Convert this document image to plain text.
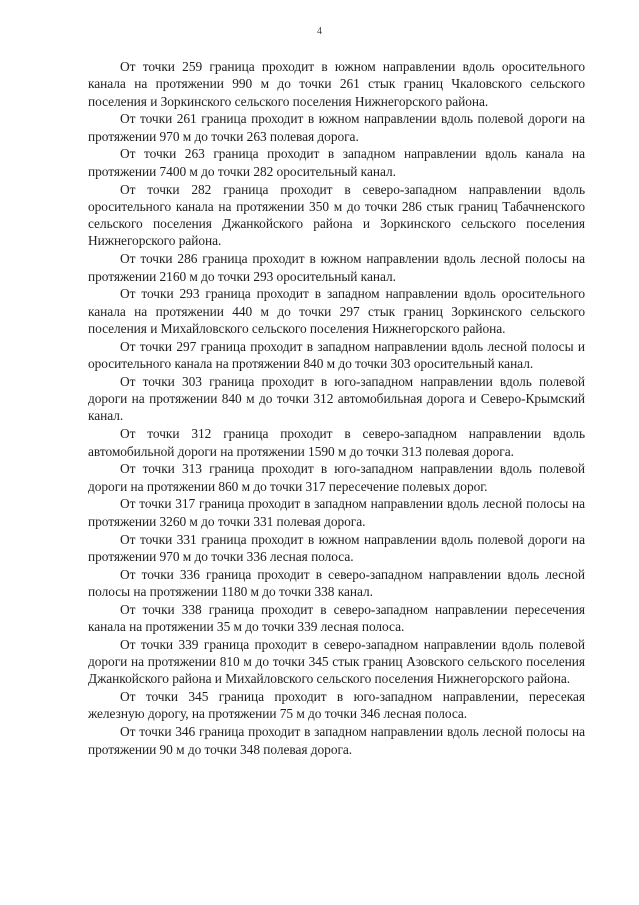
4

От точки 259 граница проходит в южном направлении вдоль оросительного канала на протяжении 990 м до точки 261 стык границ Чкаловского сельского поселения и Зоркинского сельского поселения Нижнегорского района.

От точки 261 граница проходит в южном направлении вдоль полевой дороги на протяжении 970 м до точки 263 полевая дорога.

От точки 263 граница проходит в западном направлении вдоль канала на протяжении 7400 м до точки 282 оросительный канал.

От точки 282 граница проходит в северо-западном направлении вдоль оросительного канала на протяжении 350 м до точки 286 стык границ Табачненского сельского поселения Джанкойского района и Зоркинского сельского поселения Нижнегорского района.

От точки 286 граница проходит в южном направлении вдоль лесной полосы на протяжении 2160 м до точки 293 оросительный канал.

От точки 293 граница проходит в западном направлении вдоль оросительного канала на протяжении 440 м до точки 297 стык границ Зоркинского сельского поселения и Михайловского сельского поселения Нижнегорского района.

От точки 297 граница проходит в западном направлении вдоль лесной полосы и оросительного канала на протяжении 840 м до точки 303 оросительный канал.

От точки 303 граница проходит в юго-западном направлении вдоль полевой дороги на протяжении 840 м до точки 312 автомобильная дорога и Северо-Крымский канал.

От точки 312 граница проходит в северо-западном направлении вдоль автомобильной дороги на протяжении 1590 м до точки 313 полевая дорога.

От точки 313 граница проходит в юго-западном направлении вдоль полевой дороги на протяжении 860 м до точки 317 пересечение полевых дорог.

От точки 317 граница проходит в западном направлении вдоль лесной полосы на протяжении 3260 м до точки 331 полевая дорога.

От точки 331 граница проходит в южном направлении вдоль полевой дороги на протяжении 970 м до точки 336 лесная полоса.

От точки 336 граница проходит в северо-западном направлении вдоль лесной полосы на протяжении 1180 м до точки 338 канал.

От точки 338 граница проходит в северо-западном направлении пересечения канала на протяжении 35 м до точки 339 лесная полоса.

От точки 339 граница проходит в северо-западном направлении вдоль полевой дороги на протяжении 810 м до точки 345 стык границ Азовского сельского поселения Джанкойского района и Михайловского сельского поселения Нижнегорского района.

От точки 345 граница проходит в юго-западном направлении, пересекая железную дорогу, на протяжении 75 м до точки 346 лесная полоса.

От точки 346 граница проходит в западном направлении вдоль лесной полосы на протяжении 90 м до точки 348 полевая дорога.
